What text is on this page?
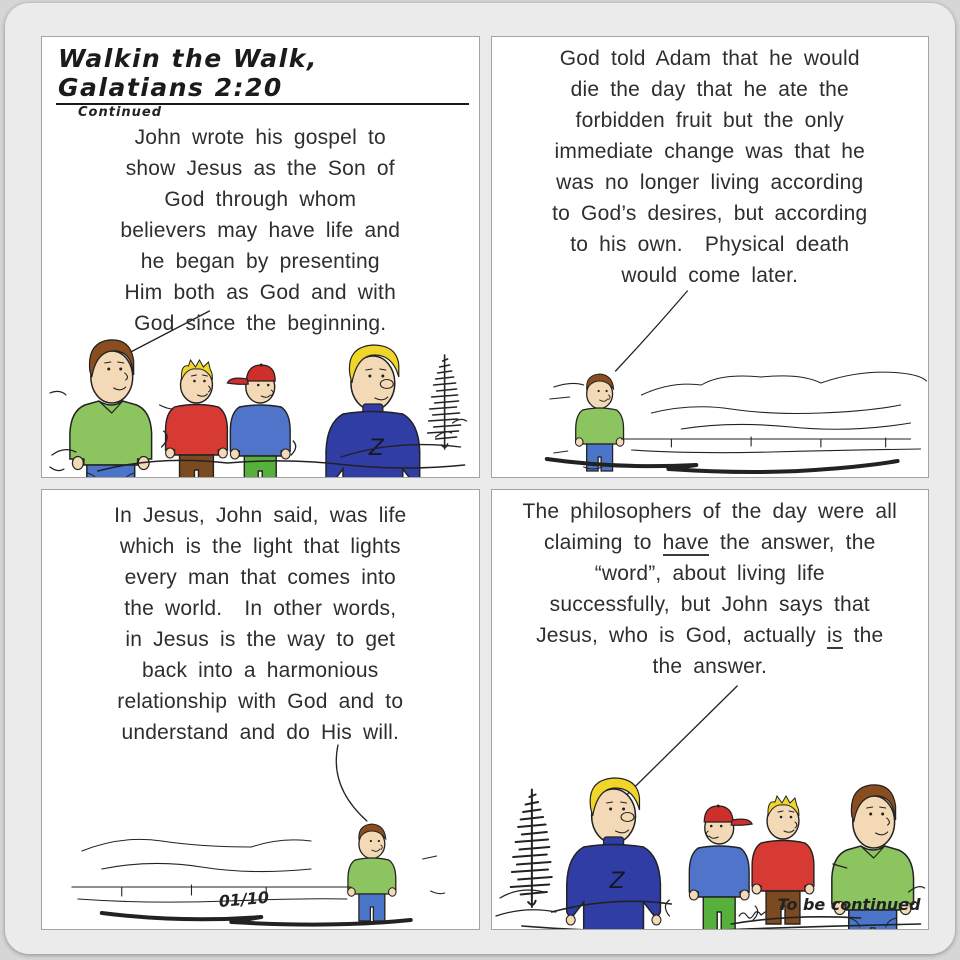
Walkin the Walk, Galatians 2:20
Continued
John wrote his gospel to
show Jesus as the Son of
God through whom
believers may have life and
he began by presenting
Him both as God and with
God since the beginning.
God told Adam that he would
die the day that he ate the
forbidden fruit but the only
immediate change was that he
was no longer living according
to God’s desires, but according
to his own.  Physical death
would come later.
In Jesus, John said, was life
which is the light that lights
every man that comes into
the world.  In other words,
in Jesus is the way to get
back into a harmonious
relationship with God and to
understand and do His will.
01/10
The philosophers of the day were all
claiming to have the answer, the
“word”, about living life
successfully, but John says that
Jesus, who is God, actually is the
the answer.
To be continued
